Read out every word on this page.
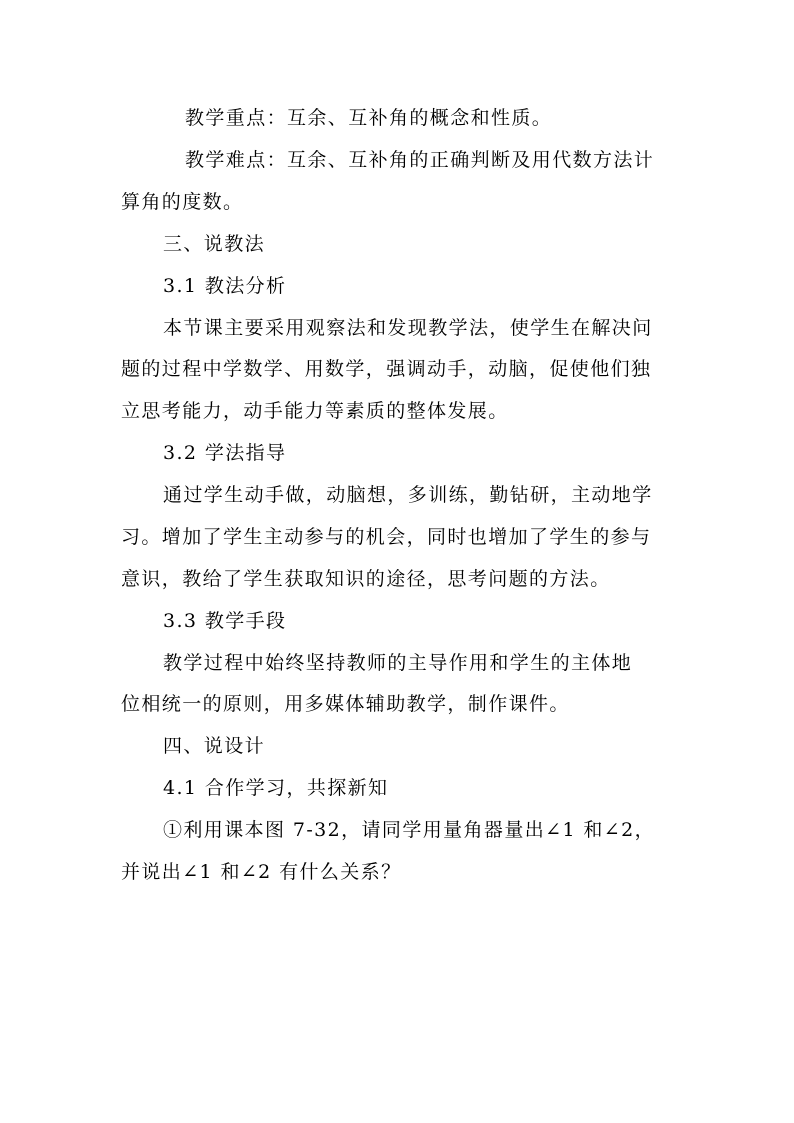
教学重点：互余、互补角的概念和性质。
教学难点：互余、互补角的正确判断及用代数方法计
算角的度数。
三、说教法
3.1 教法分析
本节课主要采用观察法和发现教学法，使学生在解决问
题的过程中学数学、用数学，强调动手，动脑，促使他们独
立思考能力，动手能力等素质的整体发展。
3.2 学法指导
通过学生动手做，动脑想，多训练，勤钻研，主动地学
习。增加了学生主动参与的机会，同时也增加了学生的参与
意识，教给了学生获取知识的途径，思考问题的方法。
3.3 教学手段
教学过程中始终坚持教师的主导作用和学生的主体地
位相统一的原则，用多媒体辅助教学，制作课件。
四、说设计
4.1 合作学习，共探新知
①利用课本图 7-32，请同学用量角器量出∠1 和∠2，
并说出∠1 和∠2 有什么关系？
